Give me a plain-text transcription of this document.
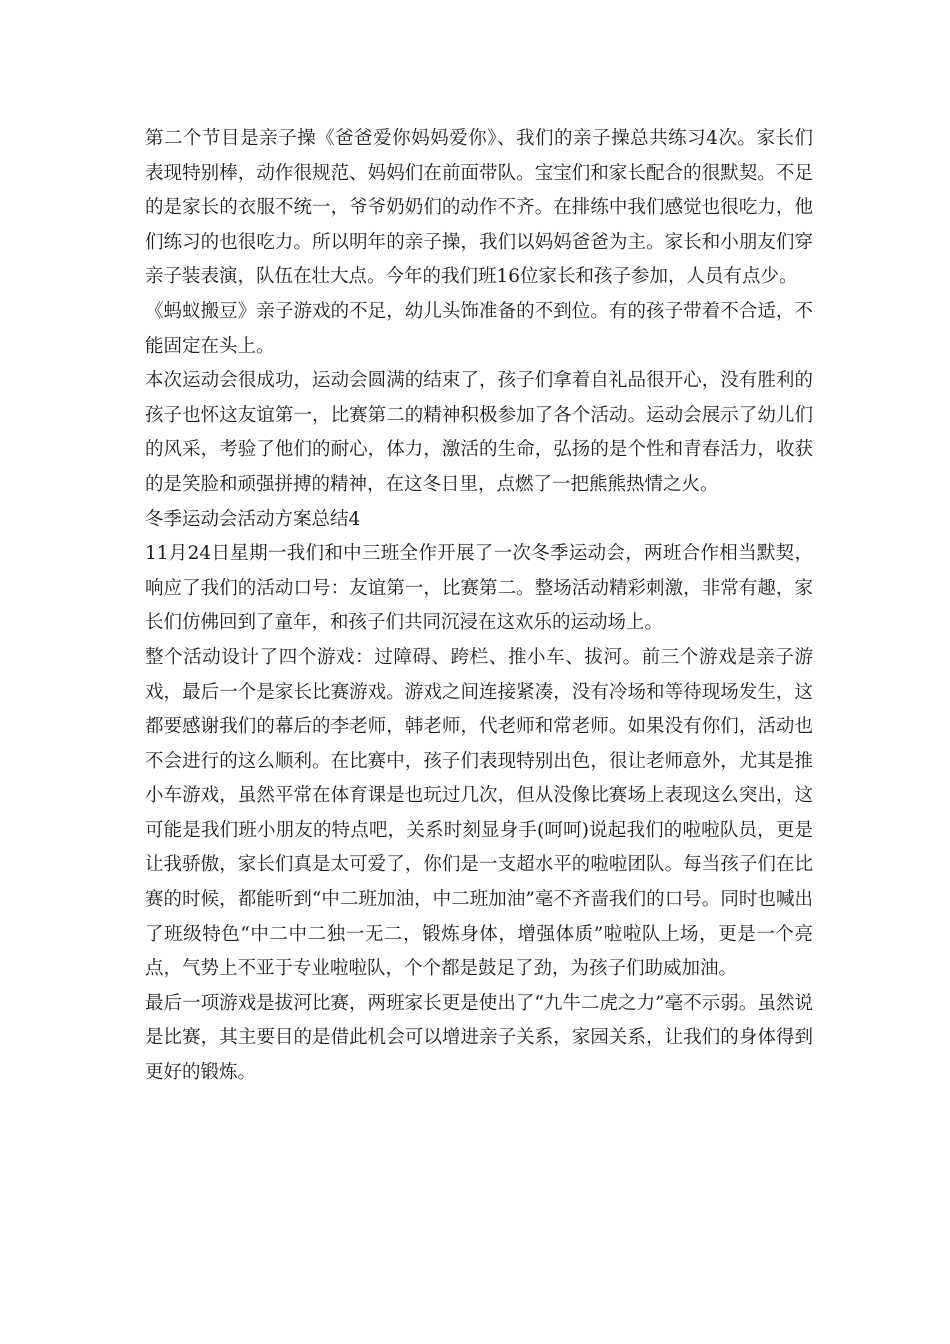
第二个节目是亲子操《爸爸爱你妈妈爱你》、我们的亲子操总共练习4次。家长们表现特别棒，动作很规范、妈妈们在前面带队。宝宝们和家长配合的很默契。不足的是家长的衣服不统一，爷爷奶奶们的动作不齐。在排练中我们感觉也很吃力，他们练习的也很吃力。所以明年的亲子操，我们以妈妈爸爸为主。家长和小朋友们穿亲子装表演，队伍在壮大点。今年的我们班16位家长和孩子参加，人员有点少。

《蚂蚁搬豆》亲子游戏的不足，幼儿头饰准备的不到位。有的孩子带着不合适，不能固定在头上。

本次运动会很成功，运动会圆满的结束了，孩子们拿着自礼品很开心，没有胜利的孩子也怀这友谊第一，比赛第二的精神积极参加了各个活动。运动会展示了幼儿们的风采，考验了他们的耐心，体力，激活的生命，弘扬的是个性和青春活力，收获的是笑脸和顽强拼搏的精神，在这冬日里，点燃了一把熊熊热情之火。

冬季运动会活动方案总结4

11月24日星期一我们和中三班全作开展了一次冬季运动会，两班合作相当默契，响应了我们的活动口号：友谊第一，比赛第二。整场活动精彩刺激，非常有趣，家长们仿佛回到了童年，和孩子们共同沉浸在这欢乐的运动场上。

整个活动设计了四个游戏：过障碍、跨栏、推小车、拔河。前三个游戏是亲子游戏，最后一个是家长比赛游戏。游戏之间连接紧凑，没有冷场和等待现场发生，这都要感谢我们的幕后的李老师，韩老师，代老师和常老师。如果没有你们，活动也不会进行的这么顺利。在比赛中，孩子们表现特别出色，很让老师意外，尤其是推小车游戏，虽然平常在体育课是也玩过几次，但从没像比赛场上表现这么突出，这可能是我们班小朋友的特点吧，关系时刻显身手(呵呵)说起我们的啦啦队员，更是让我骄傲，家长们真是太可爱了，你们是一支超水平的啦啦团队。每当孩子们在比赛的时候，都能听到“中二班加油，中二班加油”毫不齐啬我们的口号。同时也喊出了班级特色“中二中二独一无二，锻炼身体，增强体质”啦啦队上场，更是一个亮点，气势上不亚于专业啦啦队，个个都是鼓足了劲，为孩子们助威加油。

最后一项游戏是拔河比赛，两班家长更是使出了“九牛二虎之力”毫不示弱。虽然说是比赛，其主要目的是借此机会可以增进亲子关系，家园关系，让我们的身体得到更好的锻炼。
